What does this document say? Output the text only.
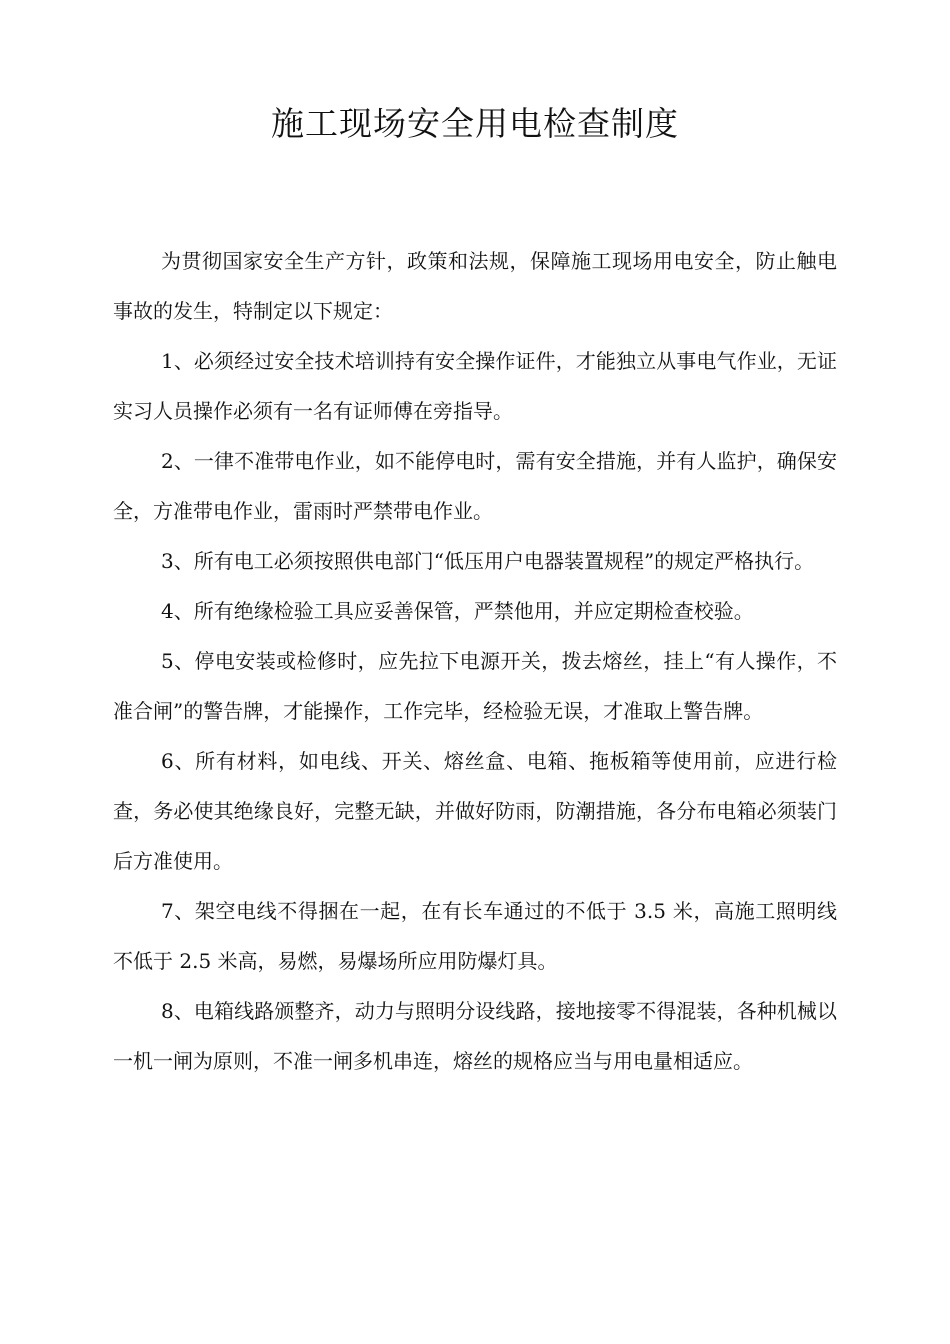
施工现场安全用电检查制度

为贯彻国家安全生产方针，政策和法规，保障施工现场用电安全，防止触电事故的发生，特制定以下规定：

1、必须经过安全技术培训持有安全操作证件，才能独立从事电气作业，无证实习人员操作必须有一名有证师傅在旁指导。

2、一律不准带电作业，如不能停电时，需有安全措施，并有人监护，确保安全，方准带电作业，雷雨时严禁带电作业。

3、所有电工必须按照供电部门“低压用户电器装置规程”的规定严格执行。

4、所有绝缘检验工具应妥善保管，严禁他用，并应定期检查校验。

5、停电安装或检修时，应先拉下电源开关，拨去熔丝，挂上“有人操作，不准合闸”的警告牌，才能操作，工作完毕，经检验无误，才准取上警告牌。

6、所有材料，如电线、开关、熔丝盒、电箱、拖板箱等使用前，应进行检查，务必使其绝缘良好，完整无缺，并做好防雨，防潮措施，各分布电箱必须装门后方准使用。

7、架空电线不得捆在一起，在有长车通过的不低于 3.5 米，高施工照明线不低于 2.5 米高，易燃，易爆场所应用防爆灯具。

8、电箱线路颁整齐，动力与照明分设线路，接地接零不得混装，各种机械以一机一闸为原则，不准一闸多机串连，熔丝的规格应当与用电量相适应。
